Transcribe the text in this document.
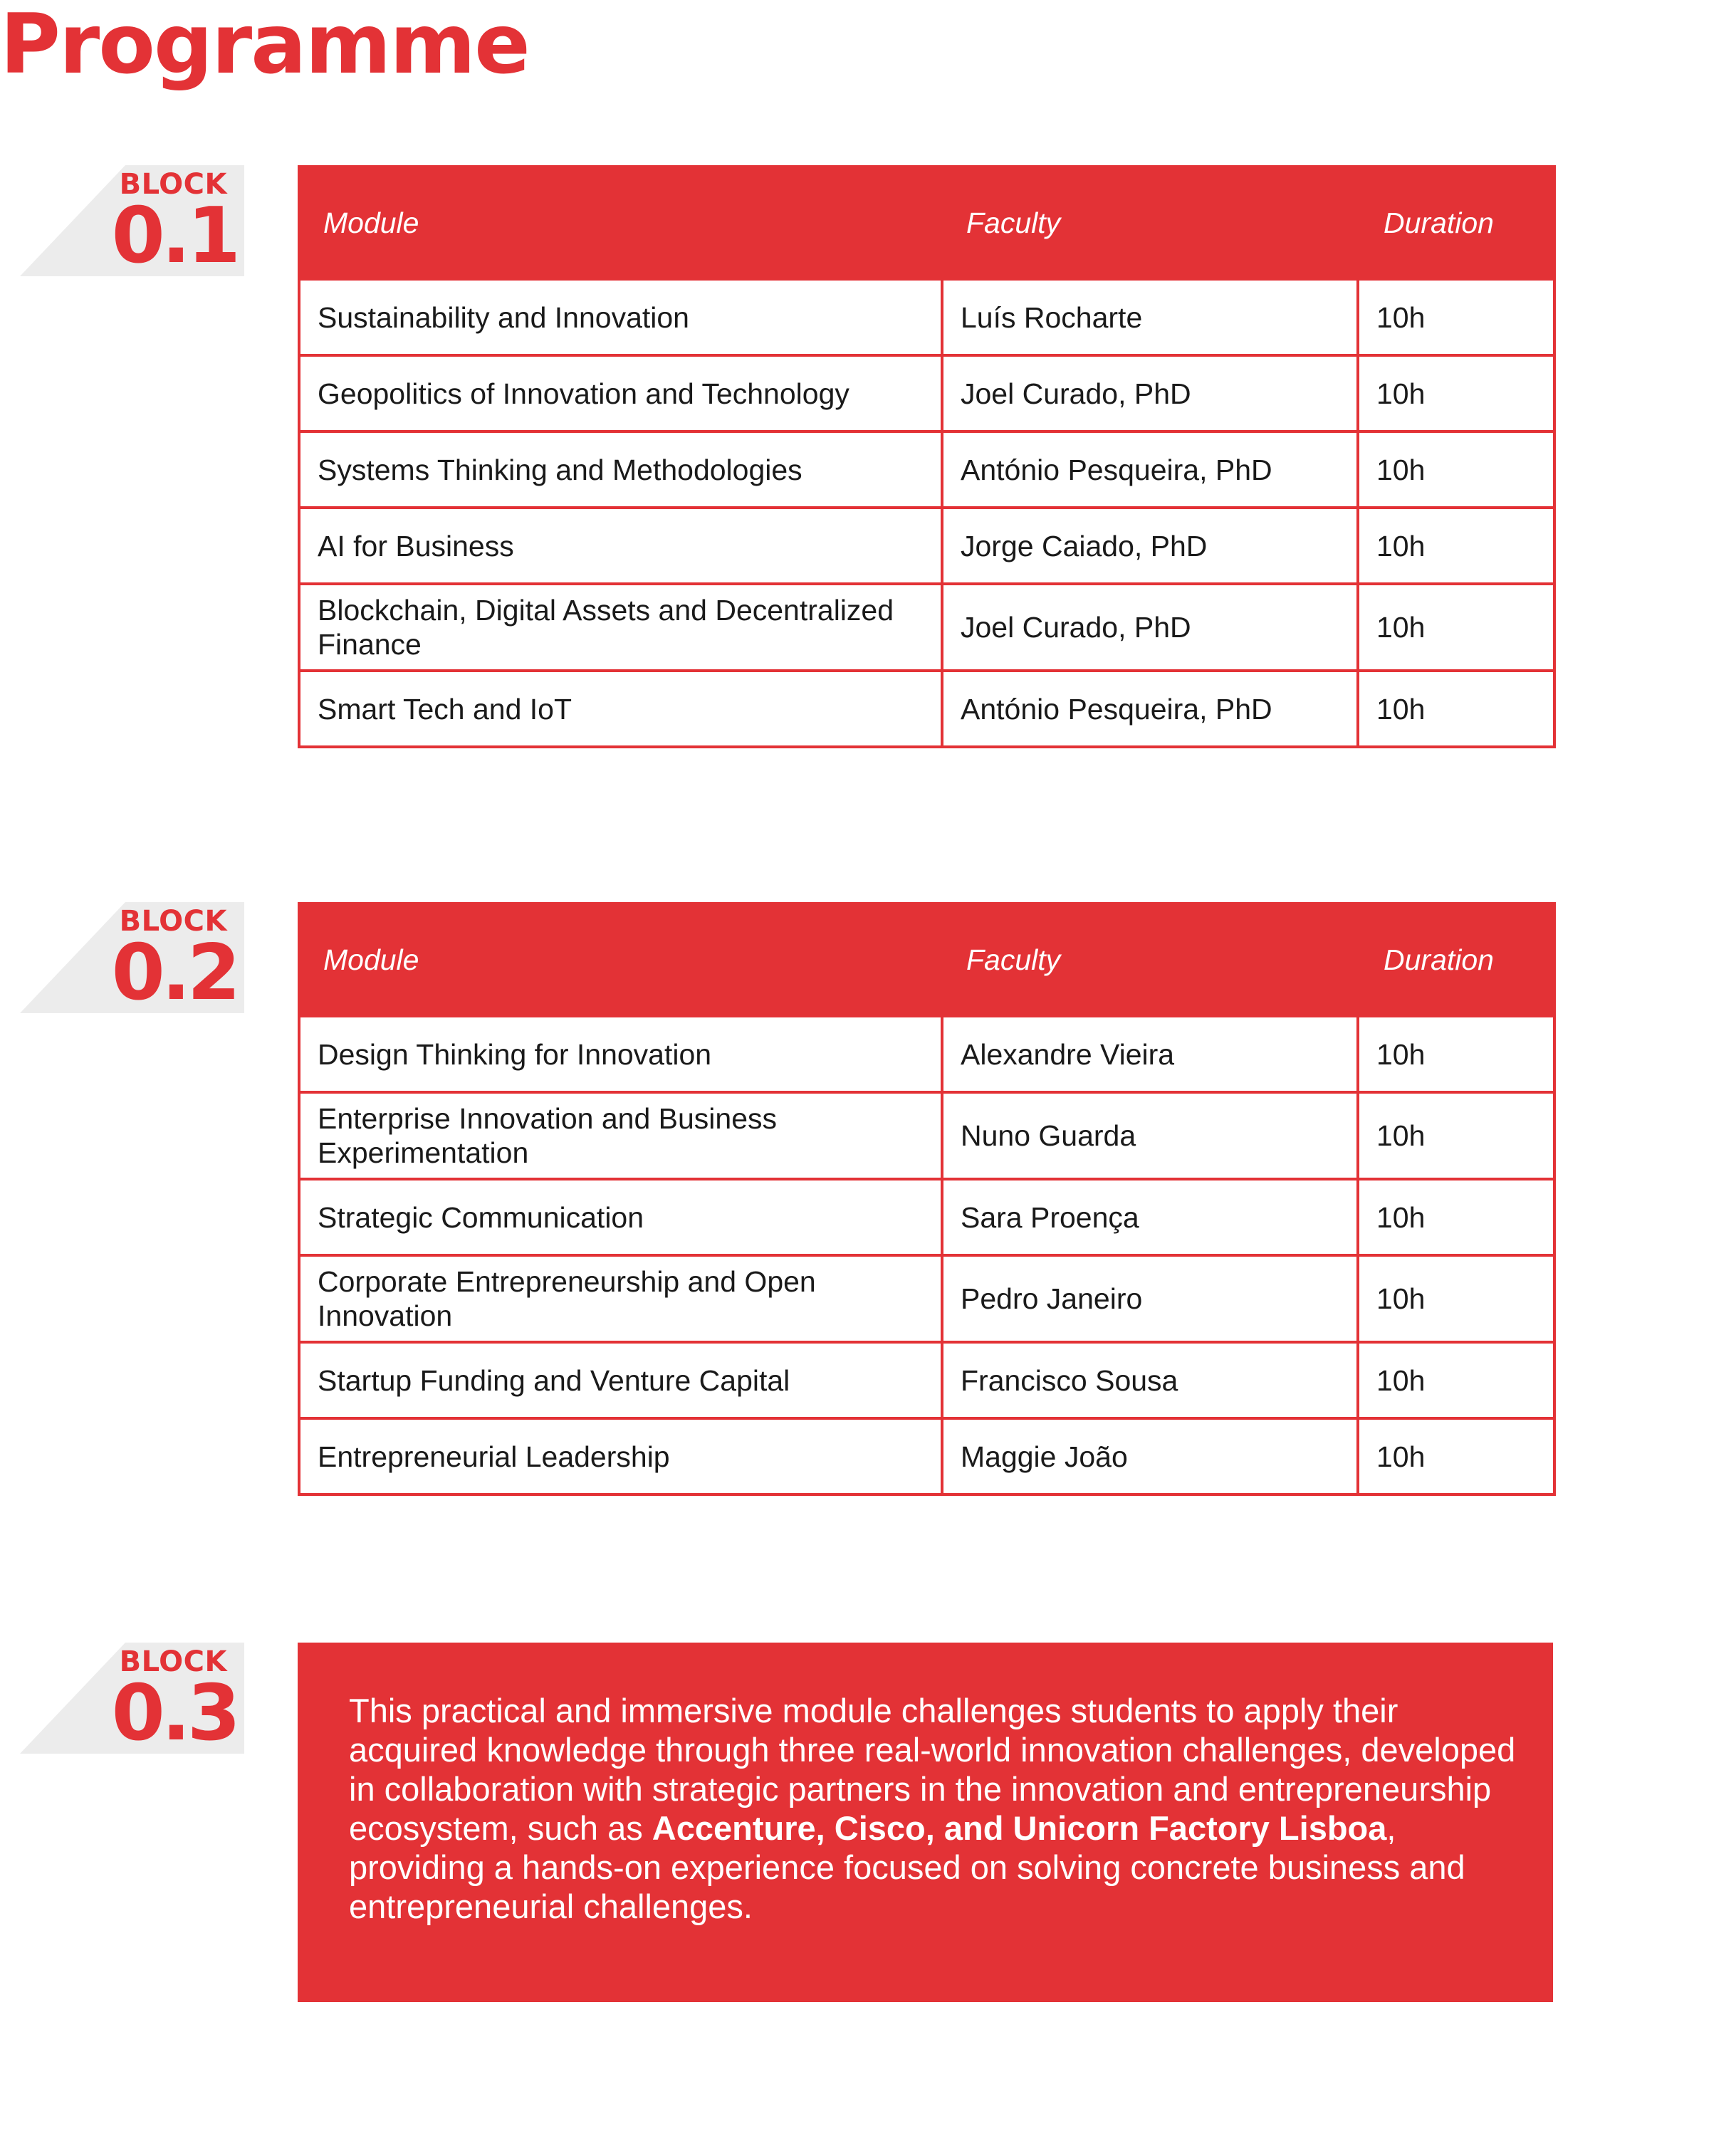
Programme
BLOCK
0.1	Module	Faculty	Duration
Sustainability and Innovation	Luís Rocharte	10h
Geopolitics of Innovation and Technology	Joel Curado, PhD	10h
Systems Thinking and Methodologies	António Pesqueira, PhD	10h
AI for Business	Jorge Caiado, PhD	10h
Blockchain, Digital Assets and Decentralized Finance	Joel Curado, PhD	10h
Smart Tech and IoT	António Pesqueira, PhD	10h
BLOCK
0.2	Module	Faculty	Duration
Design Thinking for Innovation	Alexandre Vieira	10h
Enterprise Innovation and Business Experimentation	Nuno Guarda	10h
Strategic Communication	Sara Proença	10h
Corporate Entrepreneurship and Open Innovation	Pedro Janeiro	10h
Startup Funding and Venture Capital	Francisco Sousa	10h
Entrepreneurial Leadership	Maggie João	10h
BLOCK
0.3	This practical and immersive module challenges students to apply their acquired knowledge through three real-world innovation challenges, developed in collaboration with strategic partners in the innovation and entrepreneurship ecosystem, such as Accenture, Cisco, and Unicorn Factory Lisboa, providing a hands-on experience focused on solving concrete business and entrepreneurial challenges.
